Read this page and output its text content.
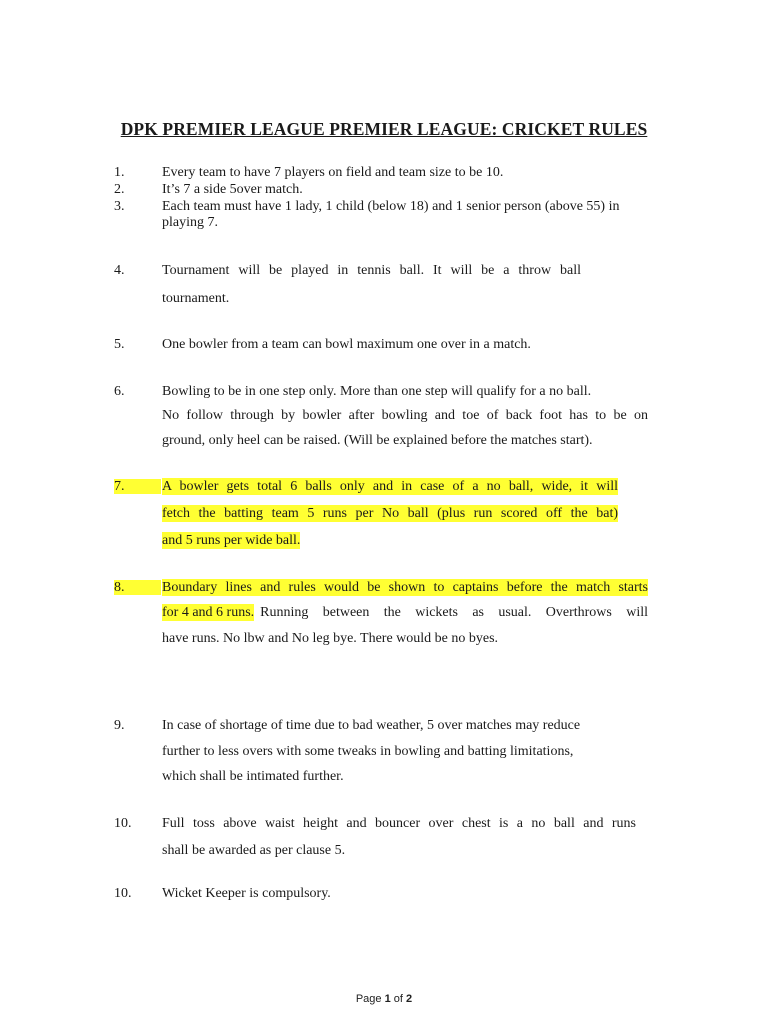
DPK PREMIER LEAGUE PREMIER LEAGUE: CRICKET RULES
1.	Every team to have 7 players on field and team size to be 10.
2.	It’s 7 a side 5over match.
3.	Each team must have 1 lady, 1 child (below 18) and 1 senior person (above 55) in
playing 7.
4.	Tournament will be played in tennis ball. It will be a throw ball
tournament.
5.	One bowler from a team can bowl maximum one over in a match.
6.	Bowling to be in one step only. More than one step will qualify for a no ball.
No follow through by bowler after bowling and toe of back foot has to be on
ground, only heel can be raised. (Will be explained before the matches start).
7.	A bowler gets total 6 balls only and in case of a no ball, wide, it will
fetch the batting team 5 runs per No ball (plus run scored off the bat)
and 5 runs per wide ball.
8.	Boundary lines and rules would be shown to captains before the match starts
for 4 and 6 runs. Running between the wickets as usual. Overthrows will
have runs. No lbw and No leg bye. There would be no byes.
9.	In case of shortage of time due to bad weather, 5 over matches may reduce
further to less overs with some tweaks in bowling and batting limitations,
which shall be intimated further.
10. Full toss above waist height and bouncer over chest is a no ball and runs
shall be awarded as per clause 5.
10. Wicket Keeper is compulsory.
Page 1 of 2
